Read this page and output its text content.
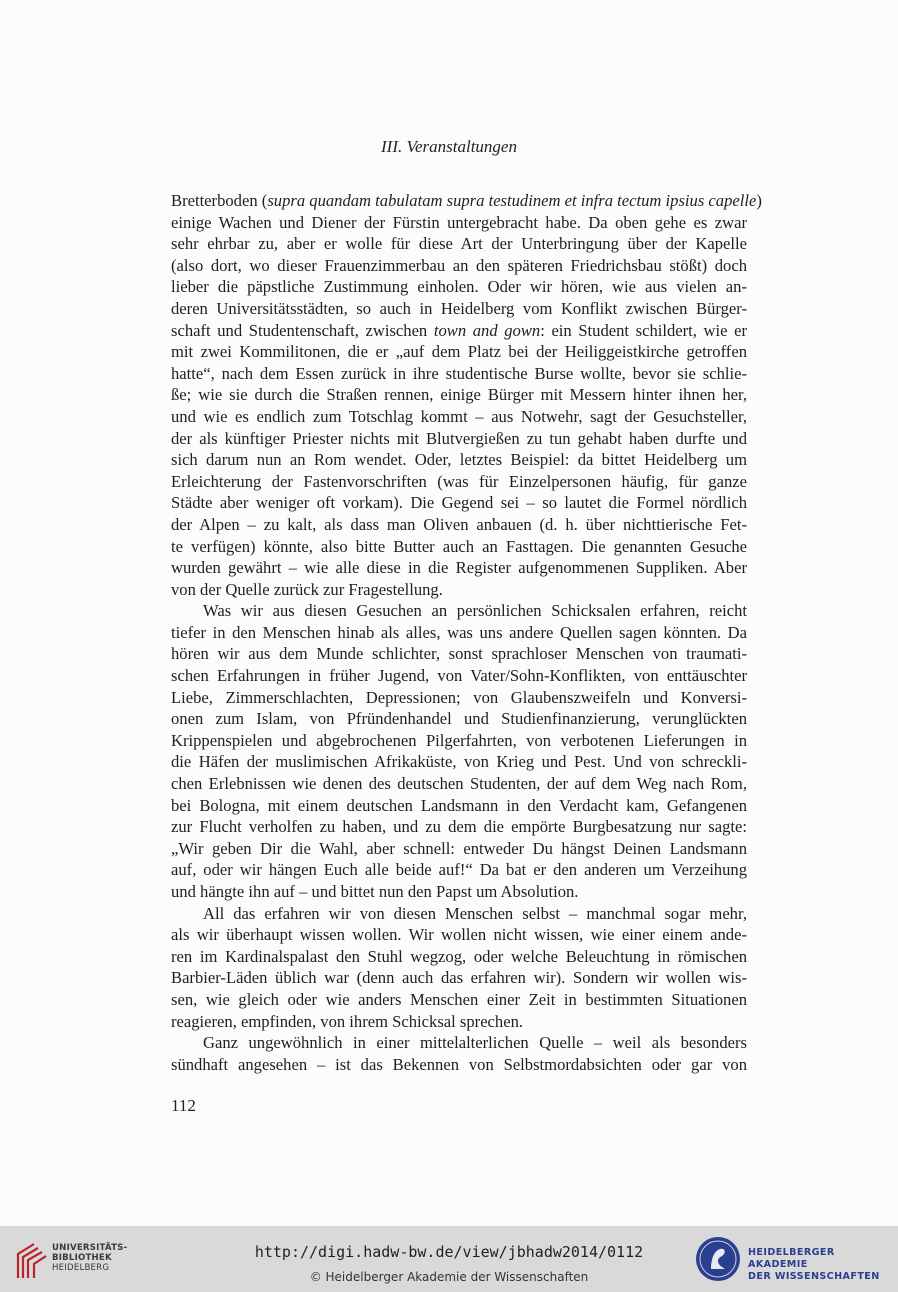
III. Veranstaltungen
Bretterboden (supra quandam tabulatam supra testudinem et infra tectum ipsius capelle)
einige Wachen und Diener der Fürstin untergebracht habe. Da oben gehe es zwar
sehr ehrbar zu, aber er wolle für diese Art der Unterbringung über der Kapelle
(also dort, wo dieser Frauenzimmerbau an den späteren Friedrichsbau stößt) doch
lieber die päpstliche Zustimmung einholen. Oder wir hören, wie aus vielen an-
deren Universitätsstädten, so auch in Heidelberg vom Konflikt zwischen Bürger-
schaft und Studentenschaft, zwischen town and gown: ein Student schildert, wie er
mit zwei Kommilitonen, die er „auf dem Platz bei der Heiliggeistkirche getroffen
hatte“, nach dem Essen zurück in ihre studentische Burse wollte, bevor sie schlie-
ße; wie sie durch die Straßen rennen, einige Bürger mit Messern hinter ihnen her,
und wie es endlich zum Totschlag kommt – aus Notwehr, sagt der Gesuchsteller,
der als künftiger Priester nichts mit Blutvergießen zu tun gehabt haben durfte und
sich darum nun an Rom wendet. Oder, letztes Beispiel: da bittet Heidelberg um
Erleichterung der Fastenvorschriften (was für Einzelpersonen häufig, für ganze
Städte aber weniger oft vorkam). Die Gegend sei – so lautet die Formel nördlich
der Alpen – zu kalt, als dass man Oliven anbauen (d. h. über nichttierische Fet-
te verfügen) könnte, also bitte Butter auch an Fasttagen. Die genannten Gesuche
wurden gewährt – wie alle diese in die Register aufgenommenen Suppliken. Aber
von der Quelle zurück zur Fragestellung.
Was wir aus diesen Gesuchen an persönlichen Schicksalen erfahren, reicht
tiefer in den Menschen hinab als alles, was uns andere Quellen sagen könnten. Da
hören wir aus dem Munde schlichter, sonst sprachloser Menschen von traumati-
schen Erfahrungen in früher Jugend, von Vater/Sohn-Konflikten, von enttäuschter
Liebe, Zimmerschlachten, Depressionen; von Glaubenszweifeln und Konversi-
onen zum Islam, von Pfründenhandel und Studienfinanzierung, verunglückten
Krippenspielen und abgebrochenen Pilgerfahrten, von verbotenen Lieferungen in
die Häfen der muslimischen Afrikaküste, von Krieg und Pest. Und von schreckli-
chen Erlebnissen wie denen des deutschen Studenten, der auf dem Weg nach Rom,
bei Bologna, mit einem deutschen Landsmann in den Verdacht kam, Gefangenen
zur Flucht verholfen zu haben, und zu dem die empörte Burgbesatzung nur sagte:
„Wir geben Dir die Wahl, aber schnell: entweder Du hängst Deinen Landsmann
auf, oder wir hängen Euch alle beide auf!“ Da bat er den anderen um Verzeihung
und hängte ihn auf – und bittet nun den Papst um Absolution.
All das erfahren wir von diesen Menschen selbst – manchmal sogar mehr,
als wir überhaupt wissen wollen. Wir wollen nicht wissen, wie einer einem ande-
ren im Kardinalspalast den Stuhl wegzog, oder welche Beleuchtung in römischen
Barbier-Läden üblich war (denn auch das erfahren wir). Sondern wir wollen wis-
sen, wie gleich oder wie anders Menschen einer Zeit in bestimmten Situationen
reagieren, empfinden, von ihrem Schicksal sprechen.
Ganz ungewöhnlich in einer mittelalterlichen Quelle – weil als besonders
sündhaft angesehen – ist das Bekennen von Selbstmordabsichten oder gar von
112
UNIVERSITÄTS-
BIBLIOTHEK
HEIDELBERG
http://digi.hadw-bw.de/view/jbhadw2014/0112
© Heidelberger Akademie der Wissenschaften
HEIDELBERGER AKADEMIE
DER WISSENSCHAFTEN
